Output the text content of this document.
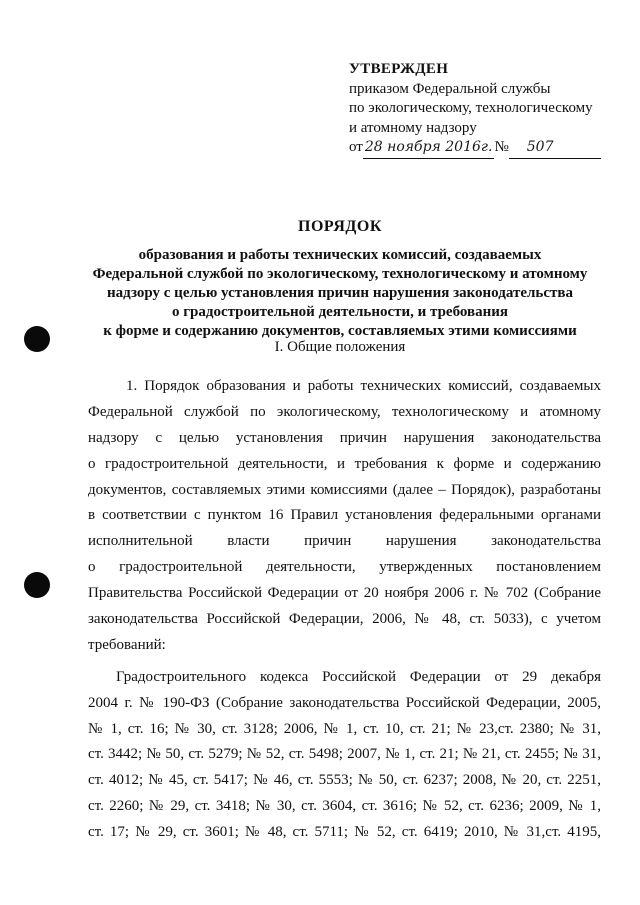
УТВЕРЖДЕН
приказом Федеральной службы
по экологическому, технологическому
и атомному надзору
от 28 ноября 2016г. № 507
ПОРЯДОК
образования и работы технических комиссий, создаваемых
Федеральной службой по экологическому, технологическому и атомному
надзору с целью установления причин нарушения законодательства
о градостроительной деятельности, и требования
к форме и содержанию документов, составляемых этими комиссиями
I. Общие положения
1. Порядок образования и работы технических комиссий, создаваемых
Федеральной службой по экологическому, технологическому и атомному
надзору с целью установления причин нарушения законодательства
о градостроительной деятельности, и требования к форме и содержанию
документов, составляемых этими комиссиями (далее – Порядок), разработаны
в соответствии с пунктом 16 Правил установления федеральными органами
исполнительной власти причин нарушения законодательства
о градостроительной деятельности, утвержденных постановлением
Правительства Российской Федерации от 20 ноября 2006 г. № 702 (Собрание
законодательства Российской Федерации, 2006, № 48, ст. 5033), с учетом
требований:
Градостроительного кодекса Российской Федерации от 29 декабря
2004 г. № 190-ФЗ (Собрание законодательства Российской Федерации, 2005,
№ 1, ст. 16; № 30, ст. 3128; 2006, № 1, ст. 10, ст. 21; № 23,ст. 2380; № 31,
ст. 3442; № 50, ст. 5279; № 52, ст. 5498; 2007, № 1, ст. 21; № 21, ст. 2455; № 31,
ст. 4012; № 45, ст. 5417; № 46, ст. 5553; № 50, ст. 6237; 2008, № 20, ст. 2251,
ст. 2260; № 29, ст. 3418; № 30, ст. 3604, ст. 3616; № 52, ст. 6236; 2009, № 1,
ст. 17; № 29, ст. 3601; № 48, ст. 5711; № 52, ст. 6419; 2010, № 31,ст. 4195,
